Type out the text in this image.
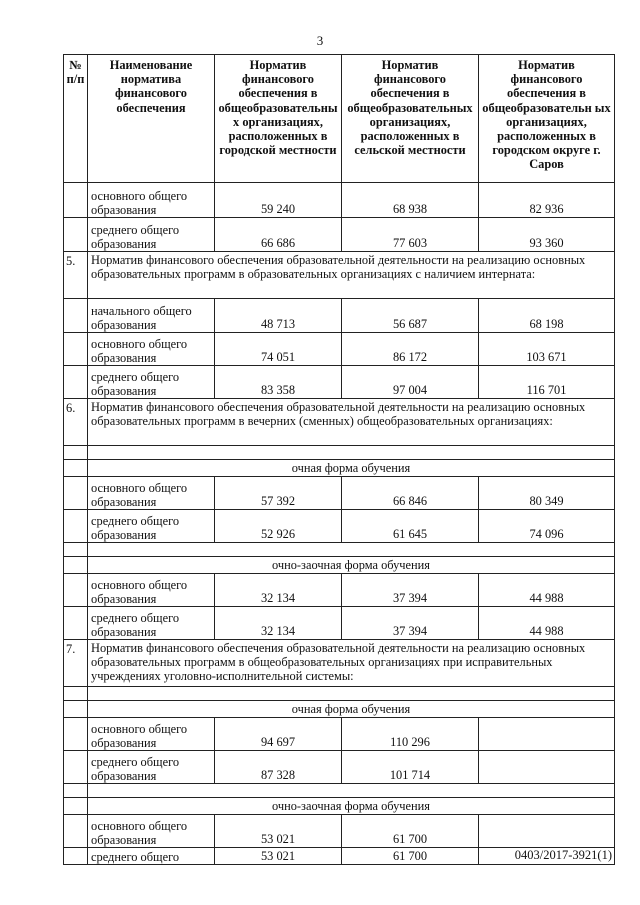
3
№ п/п	Наименование норматива финансового обеспечения	Норматив финансового обеспечения в общеобразовательны х организациях, расположенных в городской местности	Норматив финансового обеспечения в общеобразовательных организациях, расположенных в сельской местности	Норматив финансового обеспечения в общеобразовательн ых организациях, расположенных в городском округе г. Саров
	основного общего образования	59 240	68 938	82 936
	среднего общего образования	66 686	77 603	93 360
5.	Норматив финансового обеспечения образовательной деятельности на реализацию основных образовательных программ в образовательных организациях с наличием интерната:			
	начального общего образования	48 713	56 687	68 198
	основного общего образования	74 051	86 172	103 671
	среднего общего образования	83 358	97 004	116 701
6.	Норматив финансового обеспечения образовательной деятельности на реализацию основных образовательных программ в вечерних (сменных) общеобразовательных организациях:			

	очная форма обучения			
	основного общего образования	57 392	66 846	80 349
	среднего общего образования	52 926	61 645	74 096

	очно-заочная форма обучения			
	основного общего образования	32 134	37 394	44 988
	среднего общего образования	32 134	37 394	44 988
7.	Норматив финансового обеспечения образовательной деятельности на реализацию основных образовательных программ в общеобразовательных организациях при исправительных учреждениях уголовно-исполнительной системы:			

	очная форма обучения			
	основного общего образования	94 697	110 296	
	среднего общего образования	87 328	101 714	

	очно-заочная форма обучения			
	основного общего образования	53 021	61 700	
	среднего общего	53 021	61 700		0403/2017-3921(1)
